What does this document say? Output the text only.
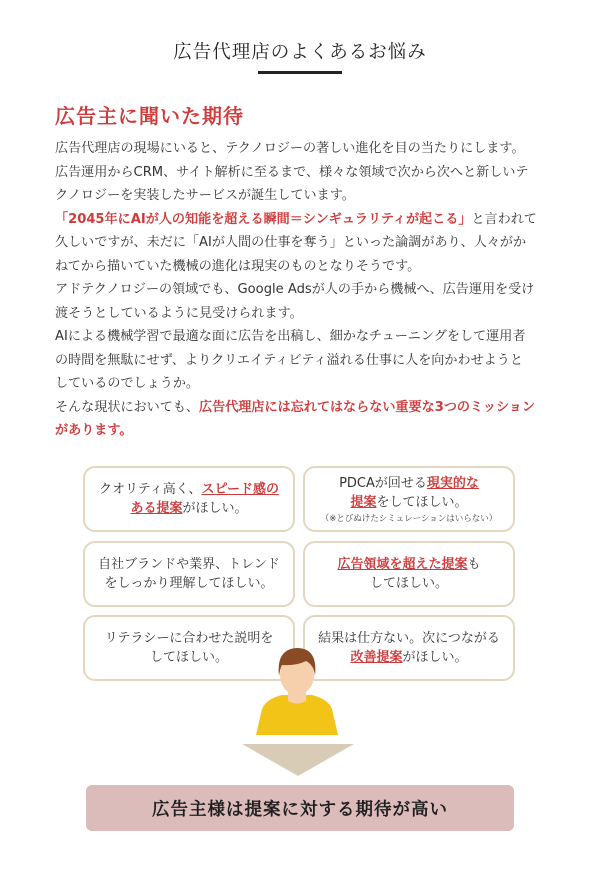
広告代理店のよくあるお悩み
広告主に聞いた期待

広告代理店の現場にいると、テクノロジーの著しい進化を目の当たりにします。

広告運用からCRM、サイト解析に至るまで、様々な領域で次から次へと新しいテ

クノロジーを実装したサービスが誕生しています。

「2045年にAIが人の知能を超える瞬間＝シンギュラリティが起こる」と言われて

久しいですが、未だに「AIが人間の仕事を奪う」といった論調があり、人々がか

ねてから描いていた機械の進化は現実のものとなりそうです。

アドテクノロジーの領域でも、Google Adsが人の手から機械へ、広告運用を受け

渡そうとしているように見受けられます。

AIによる機械学習で最適な面に広告を出稿し、細かなチューニングをして運用者

の時間を無駄にせず、よりクリエイティビティ溢れる仕事に人を向かわせようと

しているのでしょうか。

そんな現状においても、広告代理店には忘れてはならない重要な3つのミッション

があります。

クオリティ高く、スピード感の

ある提案がほしい。

PDCAが回せる現実的な

提案をしてほしい。

（※とびぬけたシミュレーションはいらない）

自社ブランドや業界、トレンド

をしっかり理解してほしい。

広告領域を超えた提案も

してほしい。

リテラシーに合わせた説明を

してほしい。

結果は仕方ない。次につながる

改善提案がほしい。

広告主様は提案に対する期待が高い
